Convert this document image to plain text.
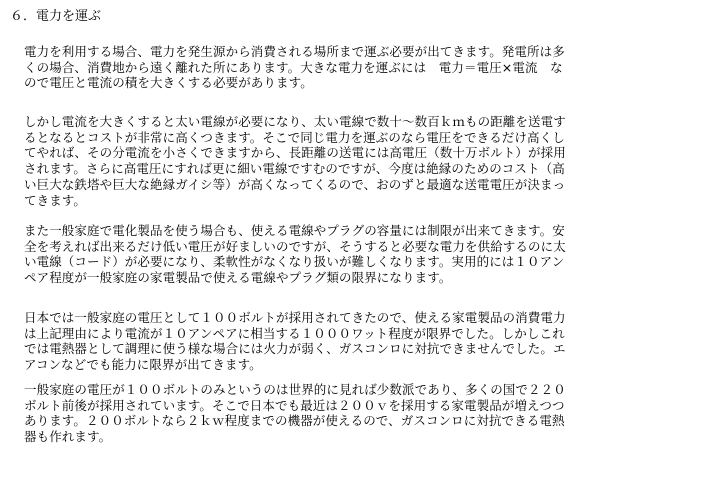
６．電力を運ぶ

電力を利用する場合、電力を発生源から消費される場所まで運ぶ必要が出てきます。発電所は多
くの場合、消費地から遠く離れた所にあります。大きな電力を運ぶには　電力＝電圧×電流　な
ので電圧と電流の積を大きくする必要があります。

しかし電流を大きくすると太い電線が必要になり、太い電線で数十～数百ｋｍもの距離を送電す
るとなるとコストが非常に高くつきます。そこで同じ電力を運ぶのなら電圧をできるだけ高くし
てやれば、その分電流を小さくできますから、長距離の送電には高電圧（数十万ボルト）が採用
されます。さらに高電圧にすれば更に細い電線ですむのですが、今度は絶縁のためのコスト（高
い巨大な鉄塔や巨大な絶縁ガイシ等）が高くなってくるので、おのずと最適な送電電圧が決まっ
てきます。

また一般家庭で電化製品を使う場合も、使える電線やプラグの容量には制限が出来てきます。安
全を考えれば出来るだけ低い電圧が好ましいのですが、そうすると必要な電力を供給するのに太
い電線（コード）が必要になり、柔軟性がなくなり扱いが難しくなります。実用的には１０アン
ペア程度が一般家庭の家電製品で使える電線やプラグ類の限界になります。

日本では一般家庭の電圧として１００ボルトが採用されてきたので、使える家電製品の消費電力
は上記理由により電流が１０アンペアに相当する１０００ワット程度が限界でした。しかしこれ
では電熱器として調理に使う様な場合には火力が弱く、ガスコンロに対抗できませんでした。エ
アコンなどでも能力に限界が出てきます。

一般家庭の電圧が１００ボルトのみというのは世界的に見れば少数派であり、多くの国で２２０
ボルト前後が採用されています。そこで日本でも最近は２００ｖを採用する家電製品が増えつつ
あります。２００ボルトなら２ｋｗ程度までの機器が使えるので、ガスコンロに対抗できる電熱
器も作れます。
